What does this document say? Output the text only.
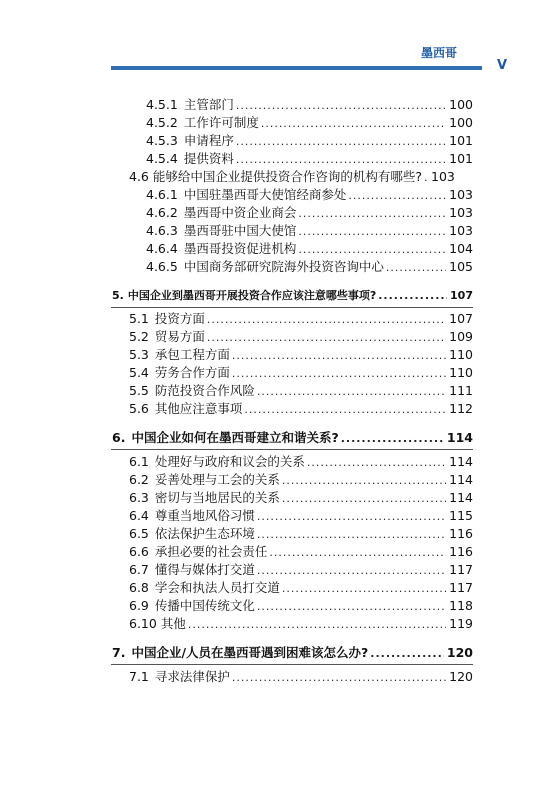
墨西哥
V
4.5.1 主管部门 .....	100
4.5.2 工作许可制度 .....	100
4.5.3 申请程序 .....	101
4.5.4 提供资料 .....	101
4.6 能够给中国企业提供投资合作咨询的机构有哪些? ..... 103
4.6.1 中国驻墨西哥大使馆经商参处 .....	103
4.6.2 墨西哥中资企业商会 .....	103
4.6.3 墨西哥驻中国大使馆 .....	103
4.6.4 墨西哥投资促进机构 .....	104
4.6.5 中国商务部研究院海外投资咨询中心 .....	105
5. 中国企业到墨西哥开展投资合作应该注意哪些事项? .....	107
5.1 投资方面 .....	107
5.2 贸易方面 .....	109
5.3 承包工程方面 .....	110
5.4 劳务合作方面 .....	110
5.5 防范投资合作风险 .....	111
5.6 其他应注意事项 .....	112
6. 中国企业如何在墨西哥建立和谐关系? .....	114
6.1 处理好与政府和议会的关系 .....	114
6.2 妥善处理与工会的关系 .....	114
6.3 密切与当地居民的关系 .....	114
6.4 尊重当地风俗习惯 .....	115
6.5 依法保护生态环境 .....	116
6.6 承担必要的社会责任 .....	116
6.7 懂得与媒体打交道 .....	117
6.8 学会和执法人员打交道 .....	117
6.9 传播中国传统文化 .....	118
6.10 其他 .....	119
7. 中国企业/人员在墨西哥遇到困难该怎么办? .....	120
7.1 寻求法律保护 .....	120
